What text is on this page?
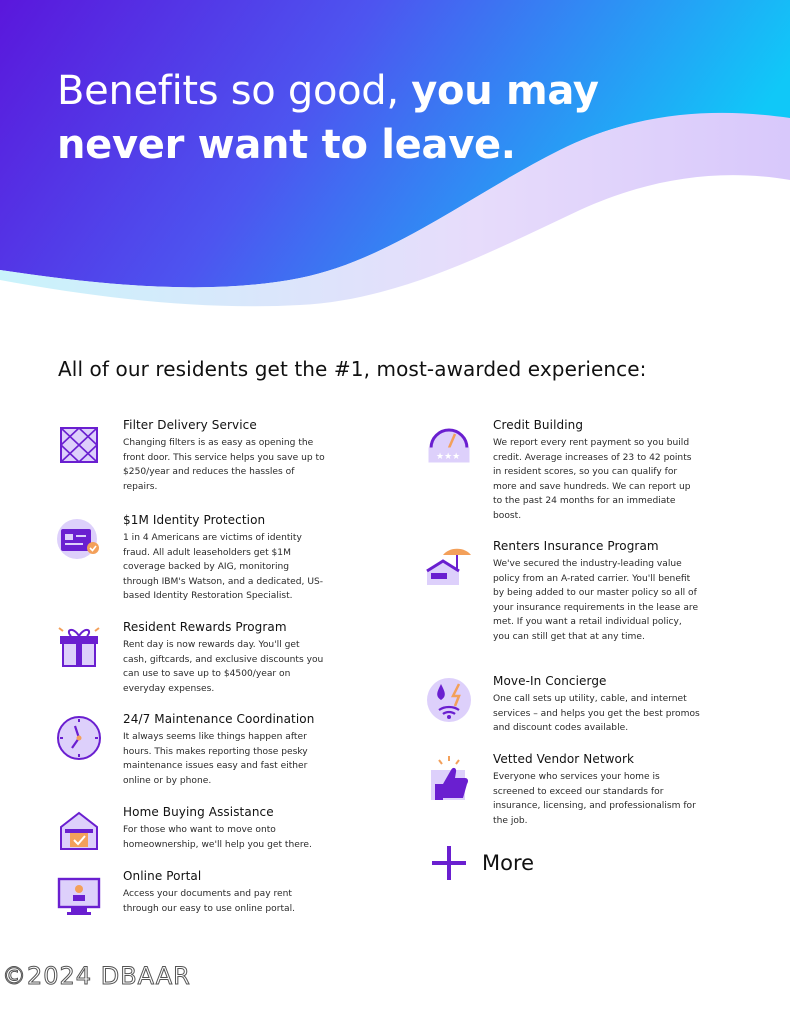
Benefits so good, you may
never want to leave.
All of our residents get the #1, most-awarded experience:
Filter Delivery Service

Changing filters is as easy as opening the front door. This service helps you save up to $250/year and reduces the hassles of repairs.

$1M Identity Protection

1 in 4 Americans are victims of identity fraud. All adult leaseholders get $1M coverage backed by AIG, monitoring through IBM's Watson, and a dedicated, US-based Identity Restoration Specialist.

Resident Rewards Program

Rent day is now rewards day. You'll get cash, giftcards, and exclusive discounts you can use to save up to $4500/year on everyday expenses.

24/7 Maintenance Coordination

It always seems like things happen after hours. This makes reporting those pesky maintenance issues easy and fast either online or by phone.

Home Buying Assistance

For those who want to move onto homeownership, we'll help you get there.

Online Portal

Access your documents and pay rent through our easy to use online portal.

★★★
Credit Building

We report every rent payment so you build credit. Average increases of 23 to 42 points in resident scores, so you can qualify for more and save hundreds. We can report up to the past 24 months for an immediate boost.

Renters Insurance Program

We've secured the industry-leading value policy from an A-rated carrier. You'll benefit by being added to our master policy so all of your insurance requirements in the lease are met. If you want a retail individual policy, you can still get that at any time.

Move-In Concierge

One call sets up utility, cable, and internet services – and helps you get the best promos and discount codes available.

Vetted Vendor Network

Everyone who services your home is screened to exceed our standards for insurance, licensing, and professionalism for the job.

More
©2024 DBAAR
